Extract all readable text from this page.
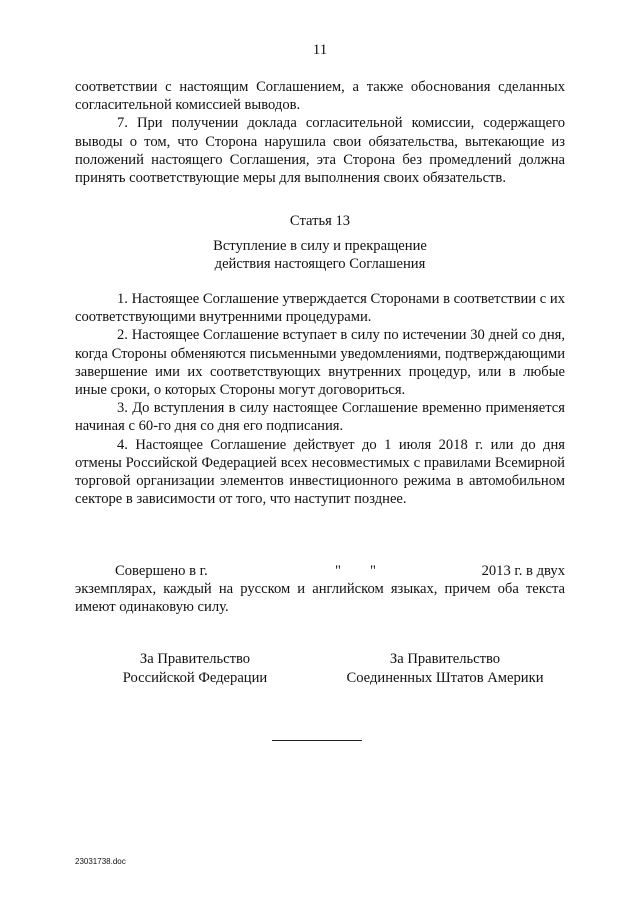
11

соответствии с настоящим Соглашением, а также обоснования сделанных согласительной комиссией выводов.

7. При получении доклада согласительной комиссии, содержащего выводы о том, что Сторона нарушила свои обязательства, вытекающие из положений настоящего Соглашения, эта Сторона без промедлений должна принять соответствующие меры для выполнения своих обязательств.

Статья 13
Вступление в силу и прекращение
действия настоящего Соглашения

1. Настоящее Соглашение утверждается Сторонами в соответствии с их соответствующими внутренними процедурами.

2. Настоящее Соглашение вступает в силу по истечении 30 дней со дня, когда Стороны обменяются письменными уведомлениями, подтверждающими завершение ими их соответствующих внутренних процедур, или в любые иные сроки, о которых Стороны могут договориться.

3. До вступления в силу настоящее Соглашение временно применяется начиная с 60-го дня со дня его подписания.

4. Настоящее Соглашение действует до 1 июля 2018 г. или до дня отмены Российской Федерацией всех несовместимых с правилами Всемирной торговой организации элементов инвестиционного режима в автомобильном секторе в зависимости от того, что наступит позднее.

Совершено в г.	" "	2013 г. в двух

экземплярах, каждый на русском и английском языках, причем оба текста имеют одинаковую силу.

За Правительство
Российской Федерации
За Правительство
Соединенных Штатов Америки
23031738.doc
